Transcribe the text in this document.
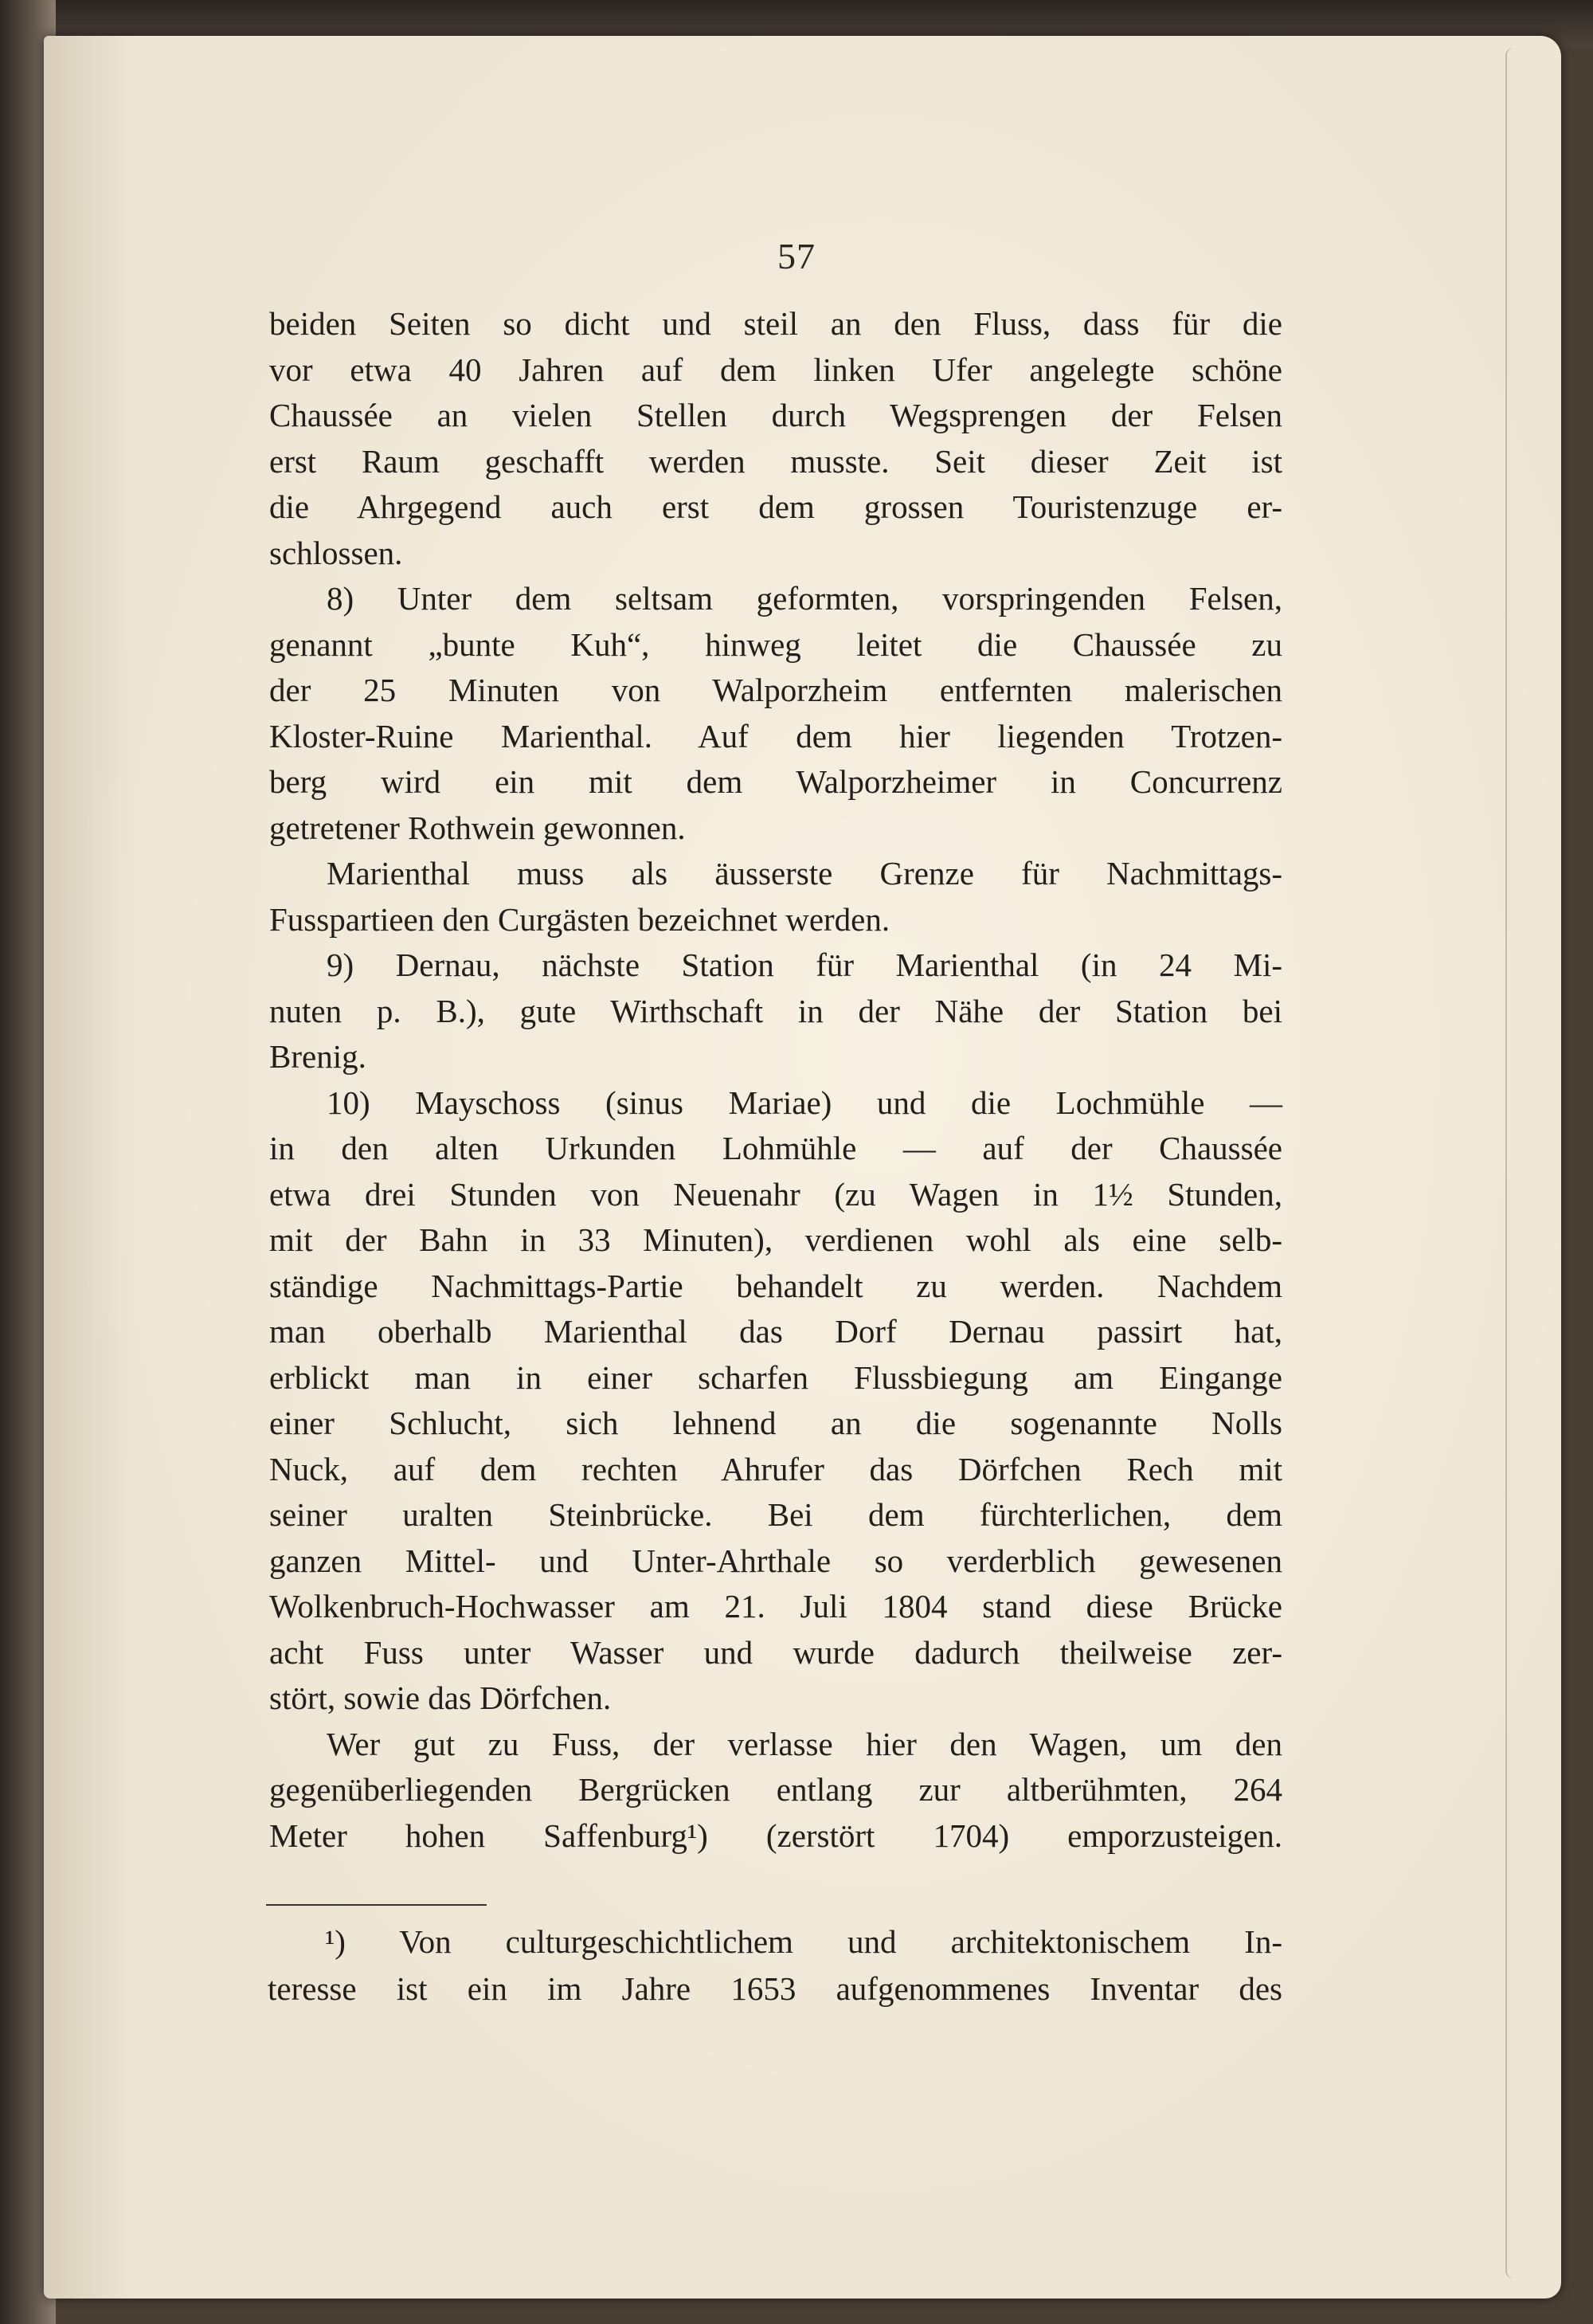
57
beiden Seiten so dicht und steil an den Fluss, dass für die
vor etwa 40 Jahren auf dem linken Ufer angelegte schöne
Chaussée an vielen Stellen durch Wegsprengen der Felsen
erst Raum geschafft werden musste. Seit dieser Zeit ist
die Ahrgegend auch erst dem grossen Touristenzuge er-
schlossen.
8) Unter dem seltsam geformten, vorspringenden Felsen,
genannt „bunte Kuh“, hinweg leitet die Chaussée zu
der 25 Minuten von Walporzheim entfernten malerischen
Kloster-Ruine Marienthal. Auf dem hier liegenden Trotzen-
berg wird ein mit dem Walporzheimer in Concurrenz
getretener Rothwein gewonnen.
Marienthal muss als äusserste Grenze für Nachmittags-
Fusspartieen den Curgästen bezeichnet werden.
9) Dernau, nächste Station für Marienthal (in 24 Mi-
nuten p. B.), gute Wirthschaft in der Nähe der Station bei
Brenig.
10) Mayschoss (sinus Mariae) und die Lochmühle —
in den alten Urkunden Lohmühle — auf der Chaussée
etwa drei Stunden von Neuenahr (zu Wagen in 1½ Stunden,
mit der Bahn in 33 Minuten), verdienen wohl als eine selb-
ständige Nachmittags-Partie behandelt zu werden. Nachdem
man oberhalb Marienthal das Dorf Dernau passirt hat,
erblickt man in einer scharfen Flussbiegung am Eingange
einer Schlucht, sich lehnend an die sogenannte Nolls
Nuck, auf dem rechten Ahrufer das Dörfchen Rech mit
seiner uralten Steinbrücke. Bei dem fürchterlichen, dem
ganzen Mittel- und Unter-Ahrthale so verderblich gewesenen
Wolkenbruch-Hochwasser am 21. Juli 1804 stand diese Brücke
acht Fuss unter Wasser und wurde dadurch theilweise zer-
stört, sowie das Dörfchen.
Wer gut zu Fuss, der verlasse hier den Wagen, um den
gegenüberliegenden Bergrücken entlang zur altberühmten, 264
Meter hohen Saffenburg¹) (zerstört 1704) emporzusteigen.
¹) Von culturgeschichtlichem und architektonischem In-
teresse ist ein im Jahre 1653 aufgenommenes Inventar des
